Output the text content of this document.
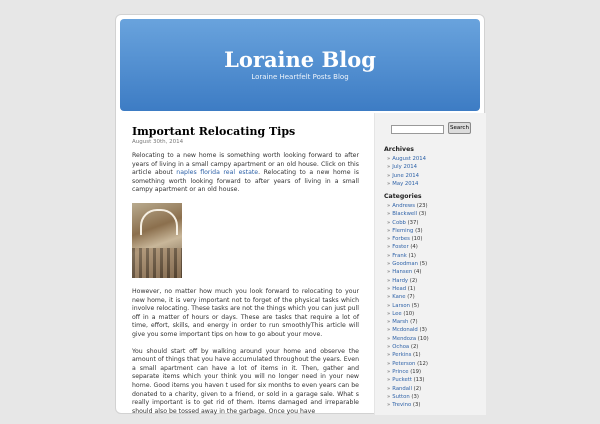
Loraine Blog
Loraine Heartfelt Posts Blog
Important Relocating Tips
August 30th, 2014
Relocating to a new home is something worth looking forward to after years of living in a small campy apartment or an old house. Click on this article about naples florida real estate. Relocating to a new home is something worth looking forward to after years of living in a small campy apartment or an old house.
However, no matter how much you look forward to relocating to your new home, it is very important not to forget of the physical tasks which involve relocating. These tasks are not the things which you can just pull off in a matter of hours or days. These are tasks that require a lot of time, effort, skills, and energy in order to run smoothlyThis article will give you some important tips on how to go about your move.
You should start off by walking around your home and observe the amount of things that you have accumulated throughout the years. Even a small apartment can have a lot of items in it. Then, gather and separate items which your think you will no longer need in your new home. Good items you haven t used for six months to even years can be donated to a charity, given to a friend, or sold in a garage sale. What s really important is to get rid of them. Items damaged and irreparable should also be tossed away in the garbage. Once you have
Search
Archives
» August 2014
» July 2014
» June 2014
» May 2014
Categories
» Andrews (23)
» Blackwell (3)
» Cobb (37)
» Fleming (3)
» Forbes (10)
» Foster (4)
» Frank (1)
» Goodman (5)
» Hansen (4)
» Hardy (2)
» Head (1)
» Kane (7)
» Larson (5)
» Lee (10)
» Marsh (7)
» Mcdonald (3)
» Mendoza (10)
» Ochoa (2)
» Perkins (1)
» Peterson (12)
» Prince (19)
» Puckett (13)
» Randall (2)
» Sutton (3)
» Trevino (3)
